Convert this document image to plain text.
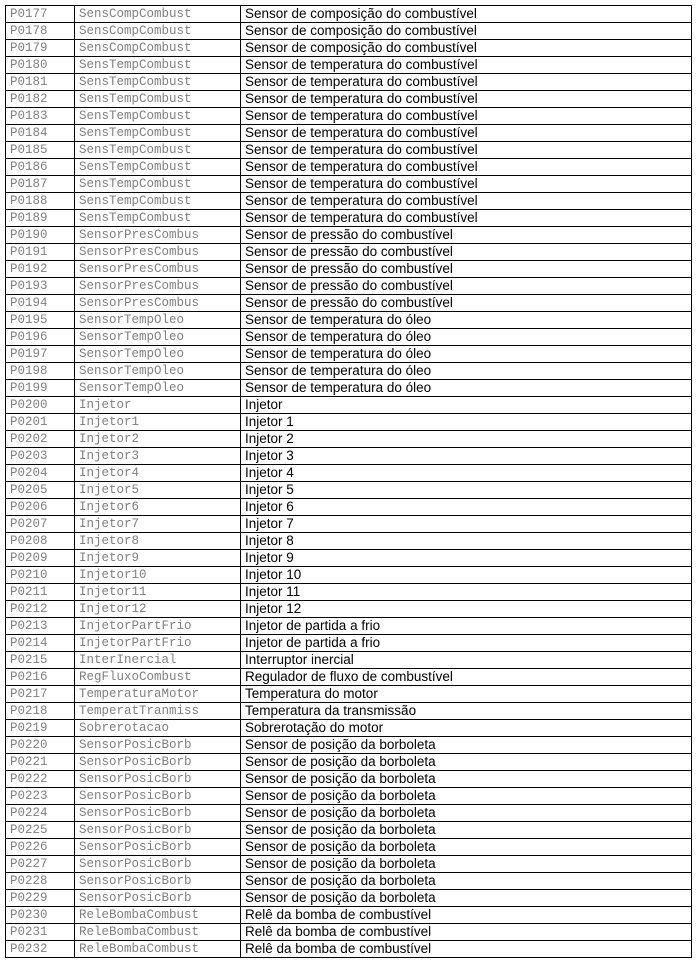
P0177	SensCompCombust	Sensor de composição do combustível
P0178	SensCompCombust	Sensor de composição do combustível
P0179	SensCompCombust	Sensor de composição do combustível
P0180	SensTempCombust	Sensor de temperatura do combustível
P0181	SensTempCombust	Sensor de temperatura do combustível
P0182	SensTempCombust	Sensor de temperatura do combustível
P0183	SensTempCombust	Sensor de temperatura do combustível
P0184	SensTempCombust	Sensor de temperatura do combustível
P0185	SensTempCombust	Sensor de temperatura do combustível
P0186	SensTempCombust	Sensor de temperatura do combustível
P0187	SensTempCombust	Sensor de temperatura do combustível
P0188	SensTempCombust	Sensor de temperatura do combustível
P0189	SensTempCombust	Sensor de temperatura do combustível
P0190	SensorPresCombus	Sensor de pressão do combustível
P0191	SensorPresCombus	Sensor de pressão do combustível
P0192	SensorPresCombus	Sensor de pressão do combustível
P0193	SensorPresCombus	Sensor de pressão do combustível
P0194	SensorPresCombus	Sensor de pressão do combustível
P0195	SensorTempOleo	Sensor de temperatura do óleo
P0196	SensorTempOleo	Sensor de temperatura do óleo
P0197	SensorTempOleo	Sensor de temperatura do óleo
P0198	SensorTempOleo	Sensor de temperatura do óleo
P0199	SensorTempOleo	Sensor de temperatura do óleo
P0200	Injetor	Injetor
P0201	Injetor1	Injetor 1
P0202	Injetor2	Injetor 2
P0203	Injetor3	Injetor 3
P0204	Injetor4	Injetor 4
P0205	Injetor5	Injetor 5
P0206	Injetor6	Injetor 6
P0207	Injetor7	Injetor 7
P0208	Injetor8	Injetor 8
P0209	Injetor9	Injetor 9
P0210	Injetor10	Injetor 10
P0211	Injetor11	Injetor 11
P0212	Injetor12	Injetor 12
P0213	InjetorPartFrio	Injetor de partida a frio
P0214	InjetorPartFrio	Injetor de partida a frio
P0215	InterInercial	Interruptor inercial
P0216	RegFluxoCombust	Regulador de fluxo de combustível
P0217	TemperaturaMotor	Temperatura do motor
P0218	TemperatTranmiss	Temperatura da transmissão
P0219	Sobrerotacao	Sobrerotação do motor
P0220	SensorPosicBorb	Sensor de posição da borboleta
P0221	SensorPosicBorb	Sensor de posição da borboleta
P0222	SensorPosicBorb	Sensor de posição da borboleta
P0223	SensorPosicBorb	Sensor de posição da borboleta
P0224	SensorPosicBorb	Sensor de posição da borboleta
P0225	SensorPosicBorb	Sensor de posição da borboleta
P0226	SensorPosicBorb	Sensor de posição da borboleta
P0227	SensorPosicBorb	Sensor de posição da borboleta
P0228	SensorPosicBorb	Sensor de posição da borboleta
P0229	SensorPosicBorb	Sensor de posição da borboleta
P0230	ReleBombaCombust	Relê da bomba de combustível
P0231	ReleBombaCombust	Relê da bomba de combustível
P0232	ReleBombaCombust	Relê da bomba de combustível
